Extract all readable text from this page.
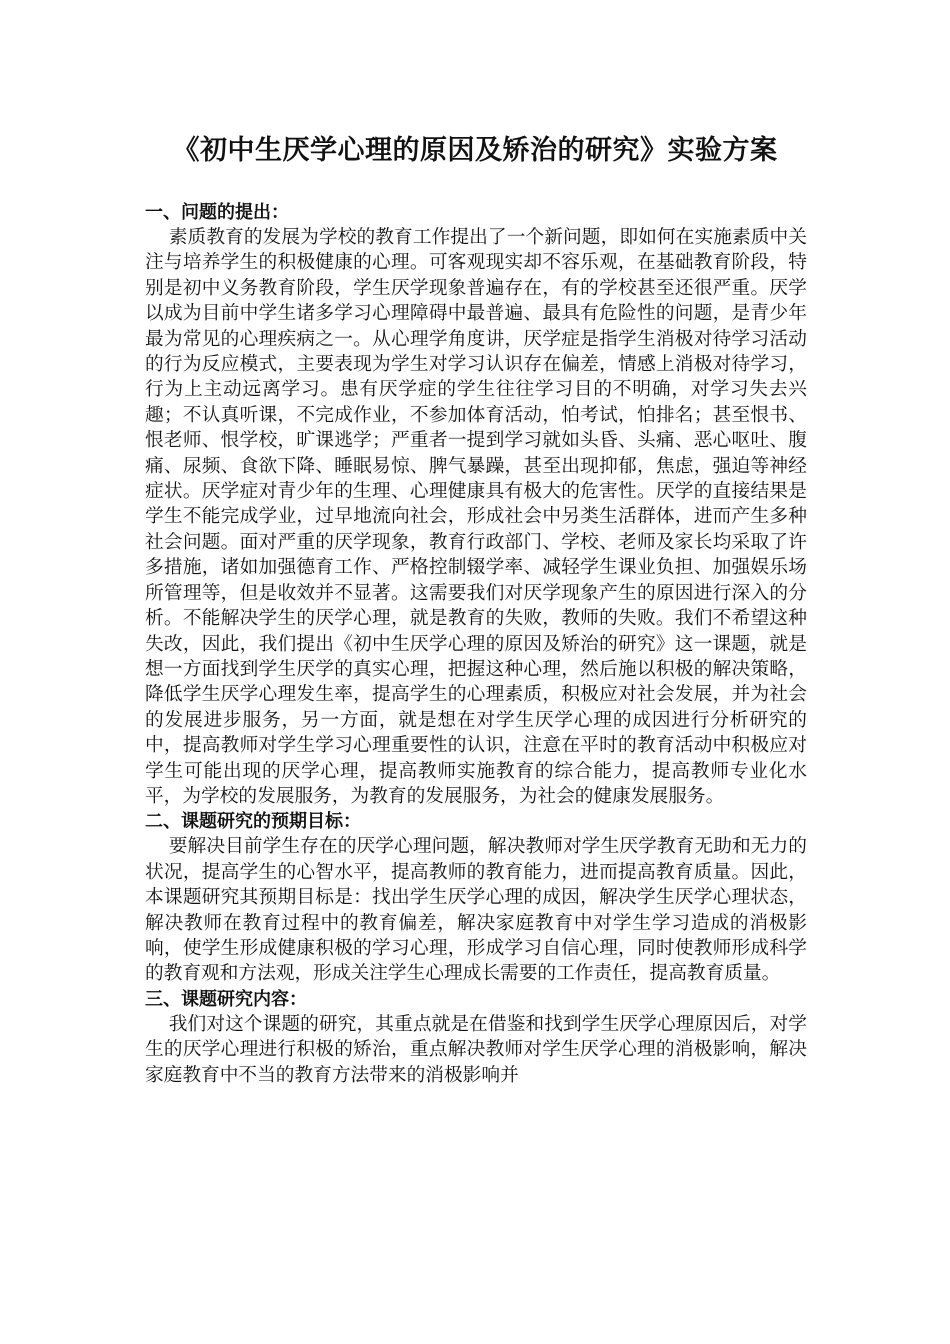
《初中生厌学心理的原因及矫治的研究》实验方案
一、问题的提出：
素质教育的发展为学校的教育工作提出了一个新问题，即如何在实施素质中关注与培养学生的积极健康的心理。可客观现实却不容乐观，在基础教育阶段，特别是初中义务教育阶段，学生厌学现象普遍存在，有的学校甚至还很严重。厌学以成为目前中学生诸多学习心理障碍中最普遍、最具有危险性的问题，是青少年最为常见的心理疾病之一。从心理学角度讲，厌学症是指学生消极对待学习活动的行为反应模式，主要表现为学生对学习认识存在偏差，情感上消极对待学习，行为上主动远离学习。患有厌学症的学生往往学习目的不明确，对学习失去兴趣；不认真听课，不完成作业，不参加体育活动，怕考试，怕排名；甚至恨书、恨老师、恨学校，旷课逃学；严重者一提到学习就如头昏、头痛、恶心呕吐、腹痛、尿频、食欲下降、睡眠易惊、脾气暴躁，甚至出现抑郁，焦虑，强迫等神经症状。厌学症对青少年的生理、心理健康具有极大的危害性。厌学的直接结果是学生不能完成学业，过早地流向社会，形成社会中另类生活群体，进而产生多种社会问题。面对严重的厌学现象，教育行政部门、学校、老师及家长均采取了许多措施，诸如加强德育工作、严格控制辍学率、减轻学生课业负担、加强娱乐场所管理等，但是收效并不显著。这需要我们对厌学现象产生的原因进行深入的分析。不能解决学生的厌学心理，就是教育的失败，教师的失败。我们不希望这种失改，因此，我们提出《初中生厌学心理的原因及矫治的研究》这一课题，就是想一方面找到学生厌学的真实心理，把握这种心理，然后施以积极的解决策略，降低学生厌学心理发生率，提高学生的心理素质，积极应对社会发展，并为社会的发展进步服务，另一方面，就是想在对学生厌学心理的成因进行分析研究的中，提高教师对学生学习心理重要性的认识，注意在平时的教育活动中积极应对学生可能出现的厌学心理，提高教师实施教育的综合能力，提高教师专业化水平，为学校的发展服务，为教育的发展服务，为社会的健康发展服务。
二、课题研究的预期目标：
要解决目前学生存在的厌学心理问题，解决教师对学生厌学教育无助和无力的状况，提高学生的心智水平，提高教师的教育能力，进而提高教育质量。因此，本课题研究其预期目标是：找出学生厌学心理的成因，解决学生厌学心理状态，解决教师在教育过程中的教育偏差，解决家庭教育中对学生学习造成的消极影响，使学生形成健康积极的学习心理，形成学习自信心理，同时使教师形成科学的教育观和方法观，形成关注学生心理成长需要的工作责任，提高教育质量。
三、课题研究内容：
我们对这个课题的研究，其重点就是在借鉴和找到学生厌学心理原因后，对学生的厌学心理进行积极的矫治，重点解决教师对学生厌学心理的消极影响，解决家庭教育中不当的教育方法带来的消极影响并
